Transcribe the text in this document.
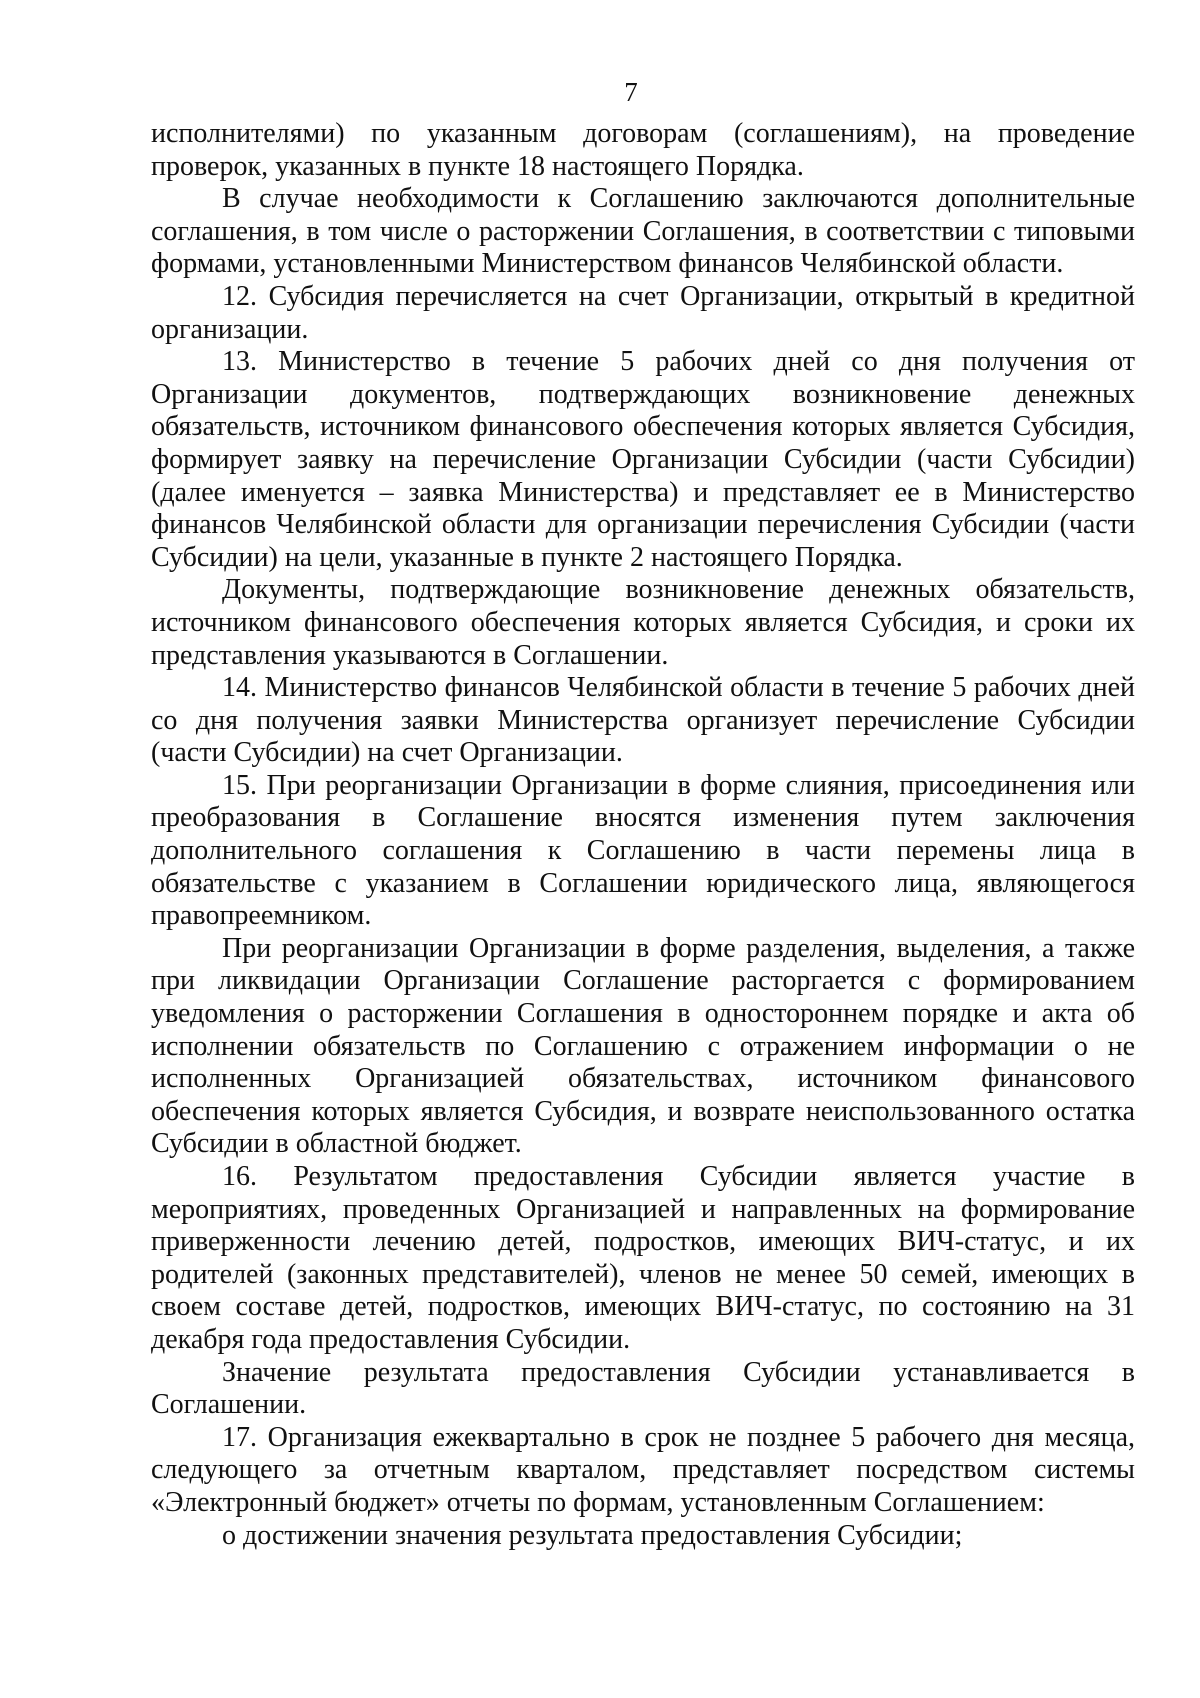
7

исполнителями) по указанным договорам (соглашениям), на проведение проверок, указанных в пункте 18 настоящего Порядка.

В случае необходимости к Соглашению заключаются дополнительные соглашения, в том числе о расторжении Соглашения, в соответствии с типовыми формами, установленными Министерством финансов Челябинской области.

12. Субсидия перечисляется на счет Организации, открытый в кредитной организации.

13. Министерство в течение 5 рабочих дней со дня получения от Организации документов, подтверждающих возникновение денежных обязательств, источником финансового обеспечения которых является Субсидия, формирует заявку на перечисление Организации Субсидии (части Субсидии) (далее именуется – заявка Министерства) и представляет ее в Министерство финансов Челябинской области для организации перечисления Субсидии (части Субсидии) на цели, указанные в пункте 2 настоящего Порядка.

Документы, подтверждающие возникновение денежных обязательств, источником финансового обеспечения которых является Субсидия, и сроки их представления указываются в Соглашении.

14. Министерство финансов Челябинской области в течение 5 рабочих дней со дня получения заявки Министерства организует перечисление Субсидии (части Субсидии) на счет Организации.

15. При реорганизации Организации в форме слияния, присоединения или преобразования в Соглашение вносятся изменения путем заключения дополнительного соглашения к Соглашению в части перемены лица в обязательстве с указанием в Соглашении юридического лица, являющегося правопреемником.

При реорганизации Организации в форме разделения, выделения, а также при ликвидации Организации Соглашение расторгается с формированием уведомления о расторжении Соглашения в одностороннем порядке и акта об исполнении обязательств по Соглашению с отражением информации о не исполненных Организацией обязательствах, источником финансового обеспечения которых является Субсидия, и возврате неиспользованного остатка Субсидии в областной бюджет.

16. Результатом предоставления Субсидии является участие в мероприятиях, проведенных Организацией и направленных на формирование приверженности лечению детей, подростков, имеющих ВИЧ-статус, и их родителей (законных представителей), членов не менее 50 семей, имеющих в своем составе детей, подростков, имеющих ВИЧ-статус, по состоянию на 31 декабря года предоставления Субсидии.

Значение результата предоставления Субсидии устанавливается в Соглашении.

17. Организация ежеквартально в срок не позднее 5 рабочего дня месяца, следующего за отчетным кварталом, представляет посредством системы «Электронный бюджет» отчеты по формам, установленным Соглашением:

о достижении значения результата предоставления Субсидии;
